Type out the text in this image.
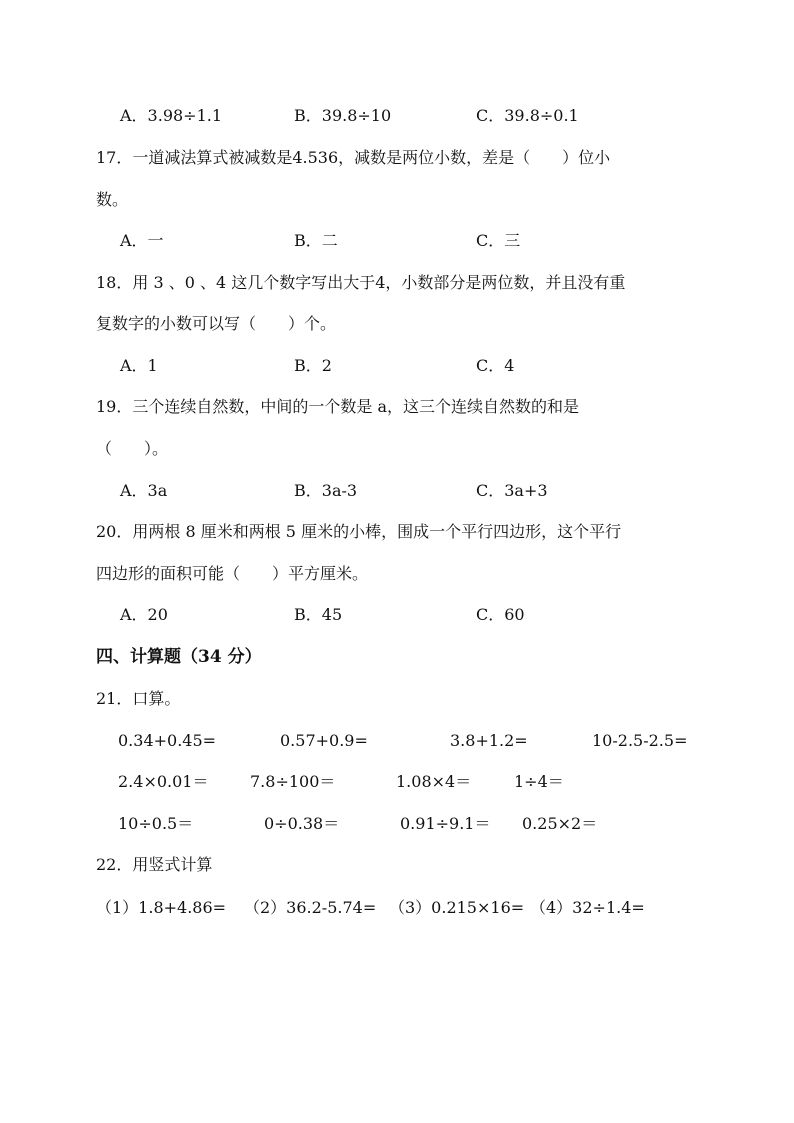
A．3.98÷1.1	B．39.8÷10	C．39.8÷0.1
17．一道减法算式被减数是4.536，减数是两位小数，差是（　　）位小
数。
A．一	B．二	C．三
18．用 3 、0 、4 这几个数字写出大于4，小数部分是两位数，并且没有重
复数字的小数可以写（　　）个。
A．1	B．2	C．4
19．三个连续自然数，中间的一个数是 a，这三个连续自然数的和是
（　　）。
A．3a	B．3a-3	C．3a+3
20．用两根 8 厘米和两根 5 厘米的小棒，围成一个平行四边形，这个平行
四边形的面积可能（　　）平方厘米。
A．20	B．45	C．60
四、计算题（34 分）
21．口算。
0.34+0.45=	0.57+0.9=	3.8+1.2=	10-2.5-2.5=
2.4×0.01＝	7.8÷100＝	1.08×4＝	1÷4＝
10÷0.5＝	0÷0.38＝	0.91÷9.1＝ 0.25×2＝
22．用竖式计算
（1）1.8+4.86= （2）36.2-5.74= （3）0.215×16= （4）32÷1.4=
